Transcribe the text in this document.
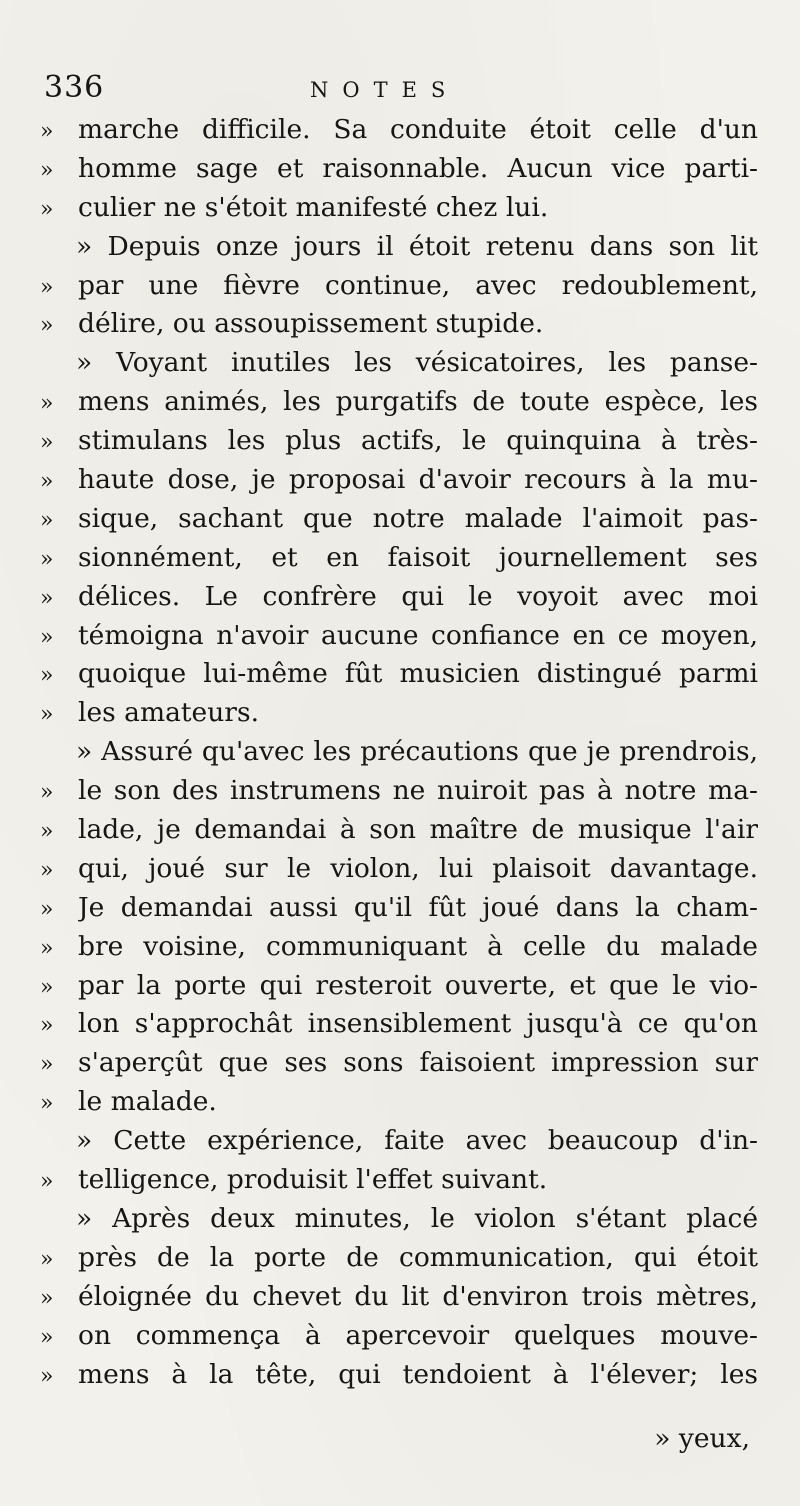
336	NOTES
» marche difficile. Sa conduite étoit celle d'un
» homme sage et raisonnable. Aucun vice parti-
» culier ne s'étoit manifesté chez lui.
» Depuis onze jours il étoit retenu dans son lit
» par une fièvre continue, avec redoublement,
» délire, ou assoupissement stupide.
» Voyant inutiles les vésicatoires, les panse-
» mens animés, les purgatifs de toute espèce, les
» stimulans les plus actifs, le quinquina à très-
» haute dose, je proposai d'avoir recours à la mu-
» sique, sachant que notre malade l'aimoit pas-
» sionnément, et en faisoit journellement ses
» délices. Le confrère qui le voyoit avec moi
» témoigna n'avoir aucune confiance en ce moyen,
» quoique lui-même fût musicien distingué parmi
» les amateurs.
» Assuré qu'avec les précautions que je prendrois,
» le son des instrumens ne nuiroit pas à notre ma-
» lade, je demandai à son maître de musique l'air
» qui, joué sur le violon, lui plaisoit davantage.
» Je demandai aussi qu'il fût joué dans la cham-
» bre voisine, communiquant à celle du malade
» par la porte qui resteroit ouverte, et que le vio-
» lon s'approchât insensiblement jusqu'à ce qu'on
» s'aperçût que ses sons faisoient impression sur
» le malade.
» Cette expérience, faite avec beaucoup d'in-
» telligence, produisit l'effet suivant.
» Après deux minutes, le violon s'étant placé
» près de la porte de communication, qui étoit
» éloignée du chevet du lit d'environ trois mètres,
» on commença à apercevoir quelques mouve-
» mens à la tête, qui tendoient à l'élever; les
» yeux,
